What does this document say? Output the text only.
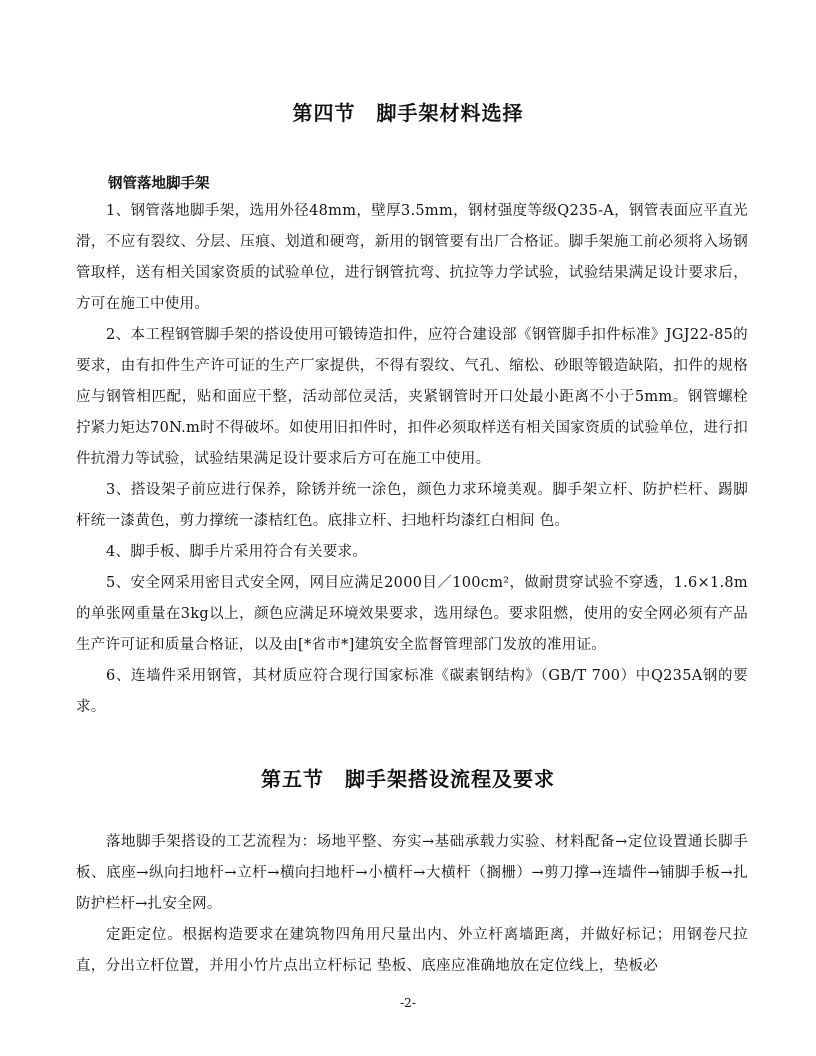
第四节　脚手架材料选择
钢管落地脚手架

1、钢管落地脚手架，选用外径48mm，壁厚3.5mm，钢材强度等级Q235-A，钢管表面应平直光滑，不应有裂纹、分层、压痕、划道和硬弯，新用的钢管要有出厂合格证。脚手架施工前必须将入场钢管取样，送有相关国家资质的试验单位，进行钢管抗弯、抗拉等力学试验，试验结果满足设计要求后，方可在施工中使用。

2、本工程钢管脚手架的搭设使用可锻铸造扣件，应符合建设部《钢管脚手扣件标准》JGJ22-85的要求，由有扣件生产许可证的生产厂家提供，不得有裂纹、气孔、缩松、砂眼等锻造缺陷，扣件的规格应与钢管相匹配，贴和面应干整，活动部位灵活，夹紧钢管时开口处最小距离不小于5mm。钢管螺栓拧紧力矩达70N.m时不得破坏。如使用旧扣件时，扣件必须取样送有相关国家资质的试验单位，进行扣件抗滑力等试验，试验结果满足设计要求后方可在施工中使用。

3、搭设架子前应进行保养，除锈并统一涂色，颜色力求环境美观。脚手架立杆、防护栏杆、踢脚杆统一漆黄色，剪力撑统一漆桔红色。底排立杆、扫地杆均漆红白相间 色。

4、脚手板、脚手片采用符合有关要求。

5、安全网采用密目式安全网，网目应满足2000目／100cm²，做耐贯穿试验不穿透，1.6×1.8m的单张网重量在3kg以上，颜色应满足环境效果要求，选用绿色。要求阻燃，使用的安全网必须有产品生产许可证和质量合格证，以及由[*省市*]建筑安全监督管理部门发放的准用证。

6、连墙件采用钢管，其材质应符合现行国家标准《碳素钢结构》（GB/T 700）中Q235A钢的要求。

第五节　脚手架搭设流程及要求

落地脚手架搭设的工艺流程为：场地平整、夯实→基础承载力实验、材料配备→定位设置通长脚手板、底座→纵向扫地杆→立杆→横向扫地杆→小横杆→大横杆（搁栅）→剪刀撑→连墙件→铺脚手板→扎防护栏杆→扎安全网。

定距定位。根据构造要求在建筑物四角用尺量出内、外立杆离墙距离，并做好标记；用钢卷尺拉直，分出立杆位置，并用小竹片点出立杆标记 垫板、底座应准确地放在定位线上，垫板必

-2-
